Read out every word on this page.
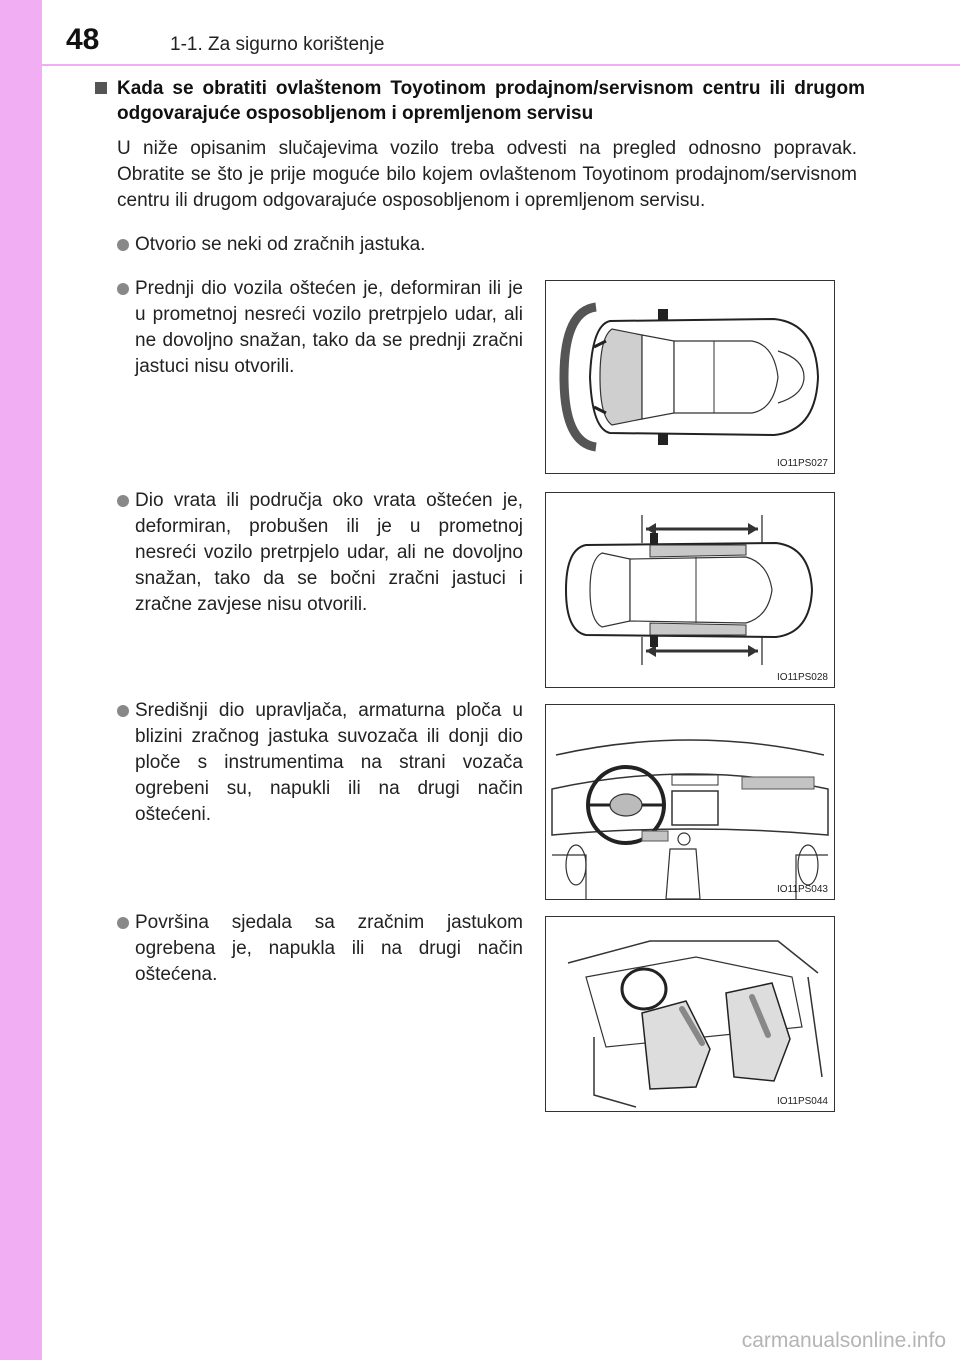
48	1-1. Za sigurno korištenje
Kada se obratiti ovlaštenom Toyotinom prodajnom/servisnom centru ili drugom odgovarajuće osposobljenom i opremljenom servisu
U niže opisanim slučajevima vozilo treba odvesti na pregled odnosno popravak. Obratite se što je prije moguće bilo kojem ovlaštenom Toyotinom prodajnom/servisnom centru ili drugom odgovarajuće osposobljenom i opremljenom servisu.
Otvorio se neki od zračnih jastuka.
Prednji dio vozila oštećen je, deformiran ili je u prometnoj nesreći vozilo pretrpjelo udar, ali ne dovoljno snažan, tako da se prednji zračni jastuci nisu otvorili.
IO11PS027
Dio vrata ili područja oko vrata oštećen je, deformiran, probušen ili je u prometnoj nesreći vozilo pretrpjelo udar, ali ne dovoljno snažan, tako da se bočni zračni jastuci i zračne zavjese nisu otvorili.
IO11PS028
Središnji dio upravljača, armaturna ploča u blizini zračnog jastuka suvozača ili donji dio ploče s instrumentima na strani vozača ogrebeni su, napukli ili na drugi način oštećeni.
IO11PS043
Površina sjedala sa zračnim jastukom ogrebena je, napukla ili na drugi način oštećena.
IO11PS044
carmanualsonline.info
